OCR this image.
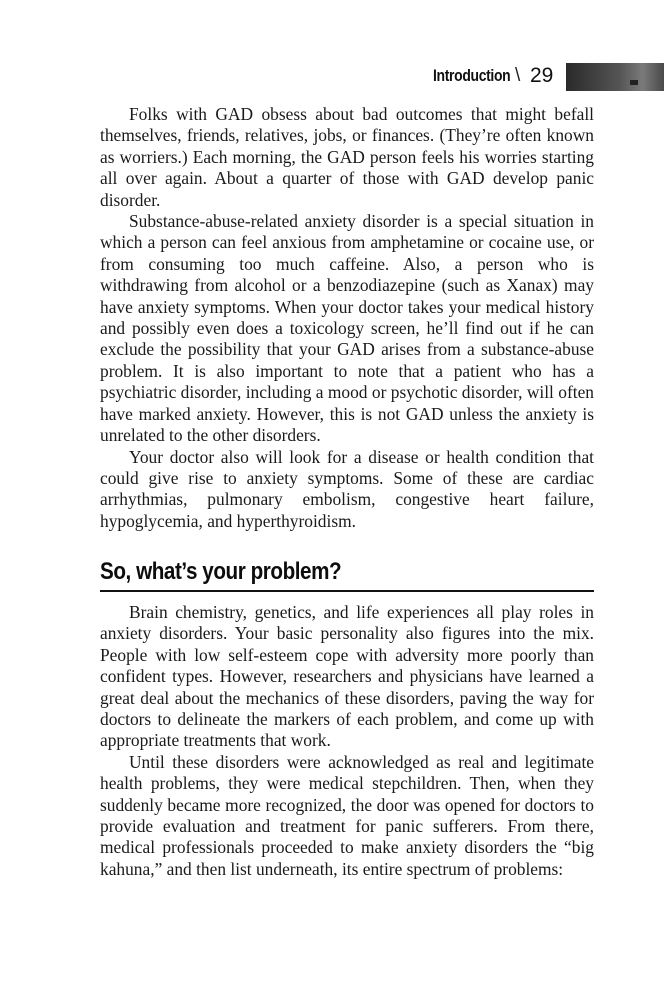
Introduction \ 29

Folks with GAD obsess about bad outcomes that might befall themselves, friends, relatives, jobs, or finances. (They’re often known as worriers.) Each morning, the GAD person feels his worries starting all over again. About a quarter of those with GAD develop panic disorder.

Substance-abuse-related anxiety disorder is a special situation in which a person can feel anxious from amphetamine or cocaine use, or from consuming too much caffeine. Also, a person who is withdrawing from alcohol or a benzodiazepine (such as Xanax) may have anxiety symptoms. When your doctor takes your medical history and possibly even does a toxicology screen, he’ll find out if he can exclude the possibility that your GAD arises from a substance-abuse problem. It is also important to note that a patient who has a psychiatric disorder, including a mood or psychotic disorder, will often have marked anxiety. However, this is not GAD unless the anxiety is unrelated to the other disorders.

Your doctor also will look for a disease or health condition that could give rise to anxiety symptoms. Some of these are cardiac arrhythmias, pulmonary embolism, congestive heart failure, hypoglycemia, and hyperthyroidism.

So, what’s your problem?

Brain chemistry, genetics, and life experiences all play roles in anxiety disorders. Your basic personality also figures into the mix. People with low self-esteem cope with adversity more poorly than confident types. However, researchers and physicians have learned a great deal about the mechanics of these disorders, paving the way for doctors to delineate the markers of each problem, and come up with appropriate treatments that work.

Until these disorders were acknowledged as real and legitimate health problems, they were medical stepchildren. Then, when they suddenly became more recognized, the door was opened for doctors to provide evaluation and treatment for panic sufferers. From there, medical professionals proceeded to make anxiety disorders the “big kahuna,” and then list underneath, its entire spectrum of problems:
